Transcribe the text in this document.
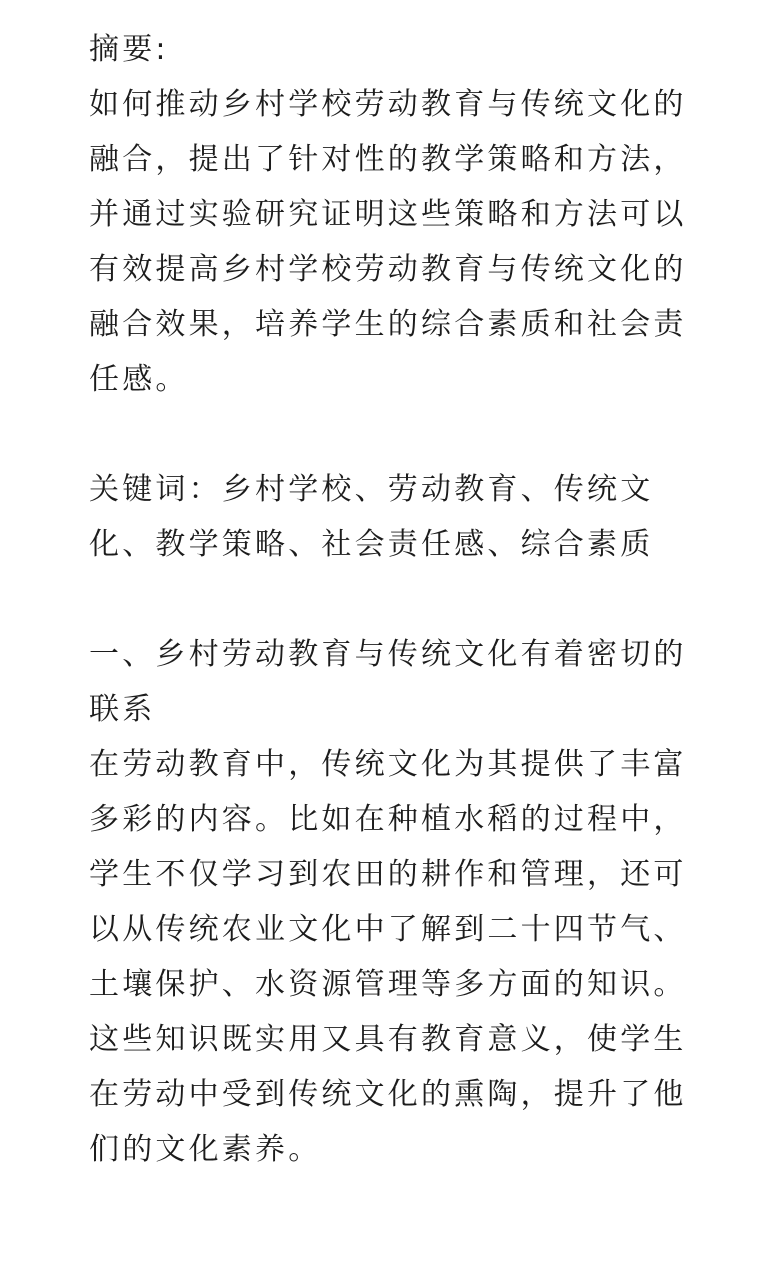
摘要:

如何推动乡村学校劳动教育与传统文化的融合，提出了针对性的教学策略和方法，并通过实验研究证明这些策略和方法可以有效提高乡村学校劳动教育与传统文化的融合效果，培养学生的综合素质和社会责任感。

关键词：乡村学校、劳动教育、传统文化、教学策略、社会责任感、综合素质

一、乡村劳动教育与传统文化有着密切的联系

在劳动教育中，传统文化为其提供了丰富多彩的内容。比如在种植水稻的过程中，学生不仅学习到农田的耕作和管理，还可以从传统农业文化中了解到二十四节气、土壤保护、水资源管理等多方面的知识。这些知识既实用又具有教育意义，使学生在劳动中受到传统文化的熏陶，提升了他们的文化素养。
